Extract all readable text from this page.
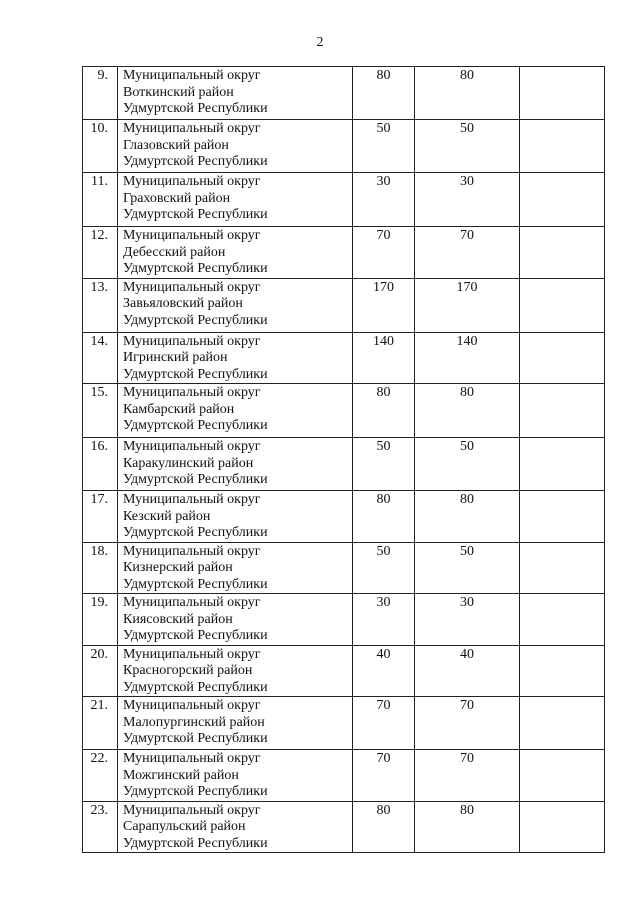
2
9.	Муниципальный округ
Воткинский район
Удмуртской Республики	80	80	
10.	Муниципальный округ
Глазовский район
Удмуртской Республики	50	50	
11.	Муниципальный округ
Граховский район
Удмуртской Республики	30	30	
12.	Муниципальный округ
Дебесский район
Удмуртской Республики	70	70	
13.	Муниципальный округ
Завьяловский район
Удмуртской Республики	170	170	
14.	Муниципальный округ
Игринский район
Удмуртской Республики	140	140	
15.	Муниципальный округ
Камбарский район
Удмуртской Республики	80	80	
16.	Муниципальный округ
Каракулинский район
Удмуртской Республики	50	50	
17.	Муниципальный округ
Кезский район
Удмуртской Республики	80	80	
18.	Муниципальный округ
Кизнерский район
Удмуртской Республики	50	50	
19.	Муниципальный округ
Киясовский район
Удмуртской Республики	30	30	
20.	Муниципальный округ
Красногорский район
Удмуртской Республики	40	40	
21.	Муниципальный округ
Малопургинский район
Удмуртской Республики	70	70	
22.	Муниципальный округ
Можгинский район
Удмуртской Республики	70	70	
23.	Муниципальный округ
Сарапульский район
Удмуртской Республики	80	80	
